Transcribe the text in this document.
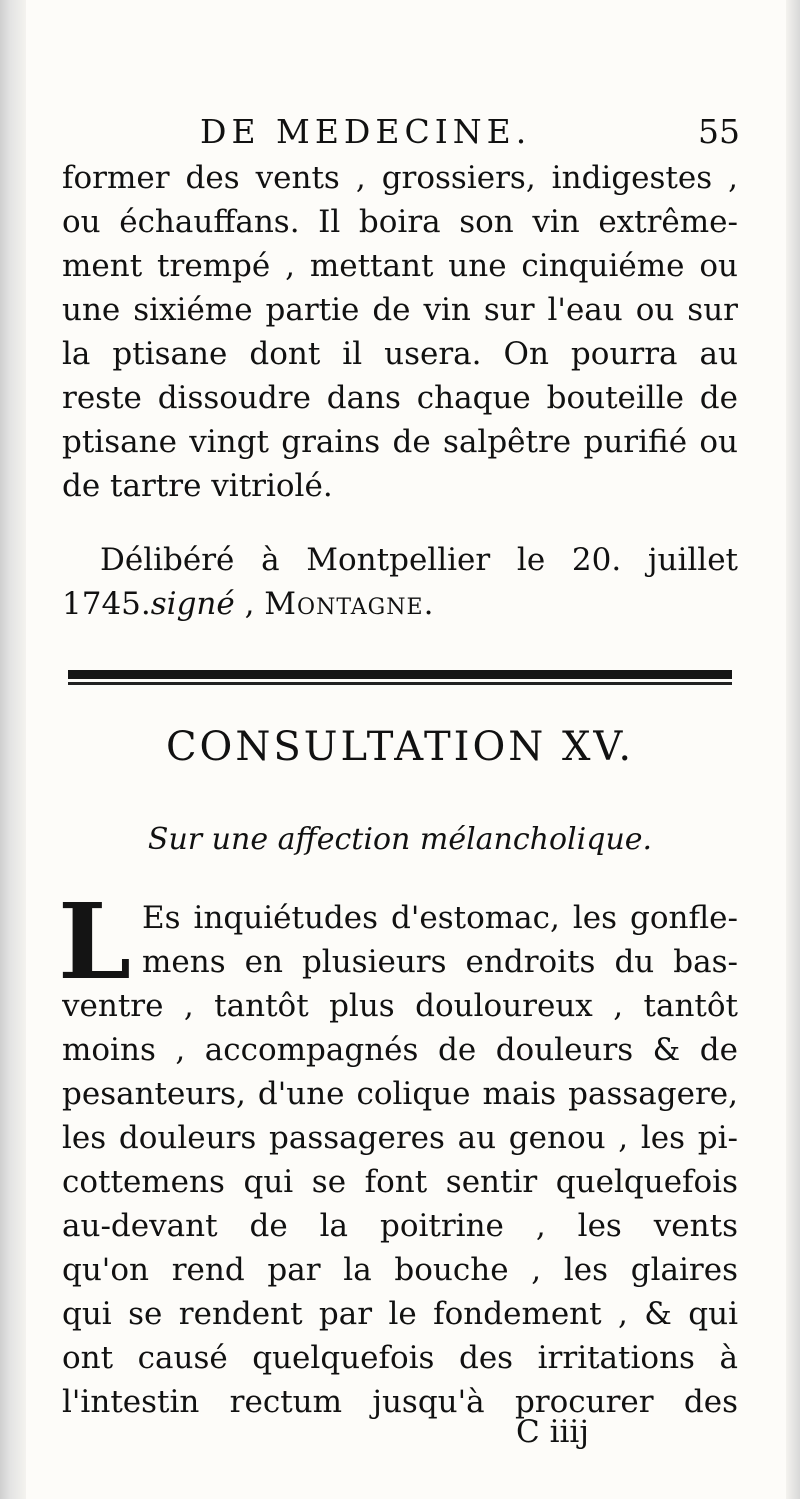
DE MEDECINE.	55
former des vents , grossiers, indigestes ,
ou échauffans. Il boira son vin extrême-
ment trempé , mettant une cinquiéme ou
une sixiéme partie de vin sur l'eau ou sur
la ptisane dont il usera. On pourra au
reste dissoudre dans chaque bouteille de
ptisane vingt grains de salpêtre purifié ou
de tartre vitriolé.
Délibéré à Montpellier le 20. juillet
1745.signé , Montagne.
CONSULTATION XV.
Sur une affection mélancholique.
L Es inquiétudes d'estomac, les gonfle-
mens en plusieurs endroits du bas-
ventre , tantôt plus douloureux , tantôt
moins , accompagnés de douleurs & de
pesanteurs, d'une colique mais passagere,
les douleurs passageres au genou , les pi-
cottemens qui se font sentir quelquefois
au-devant de la poitrine , les vents
qu'on rend par la bouche , les glaires
qui se rendent par le fondement , & qui
ont causé quelquefois des irritations à
l'intestin rectum jusqu'à procurer des
C iiij
